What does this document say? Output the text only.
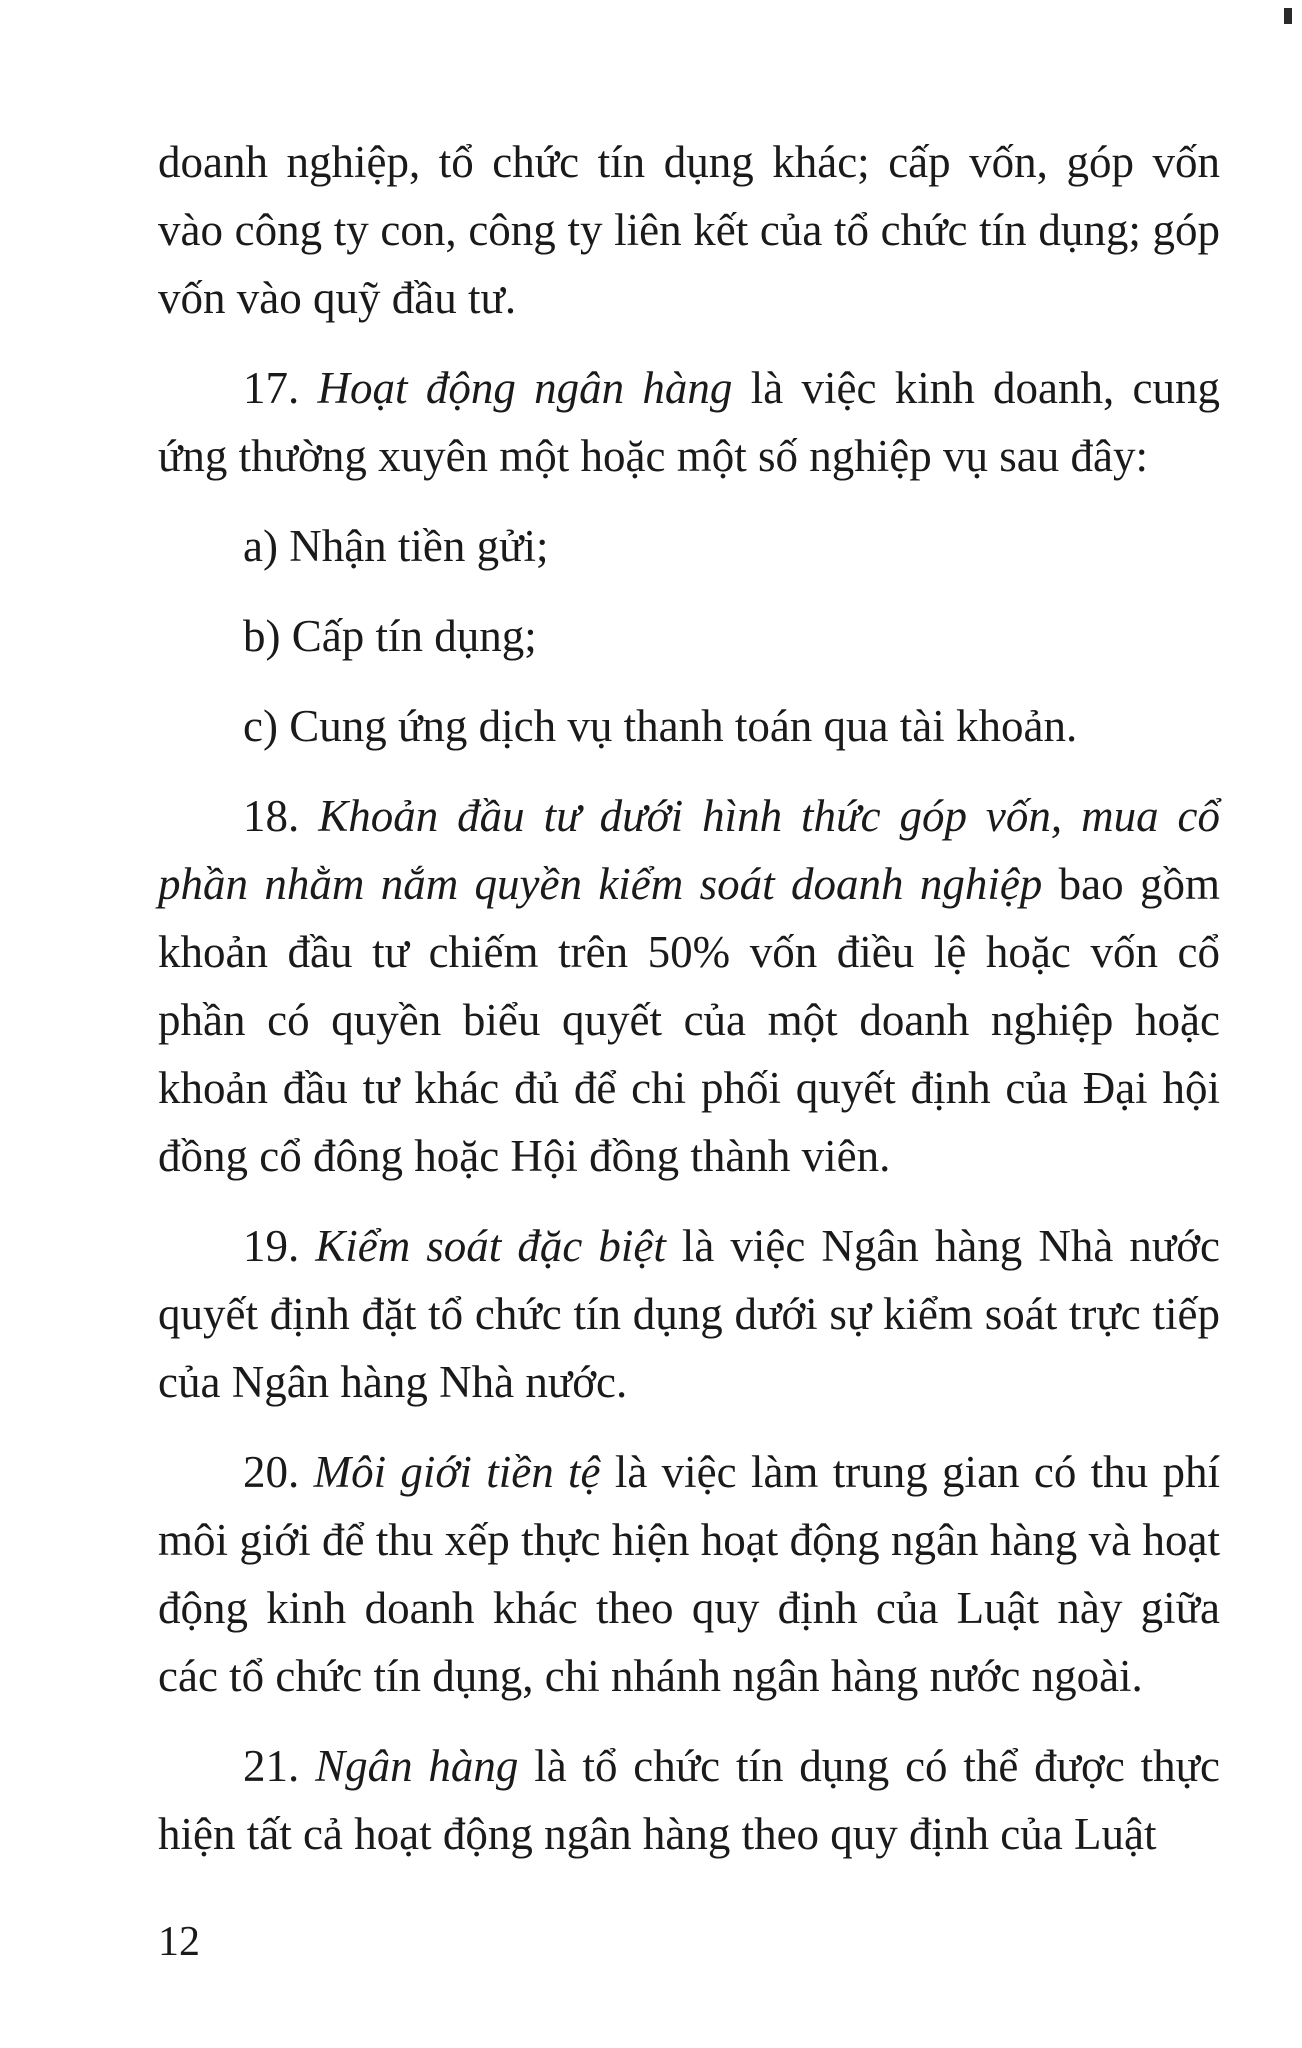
doanh nghiệp, tổ chức tín dụng khác; cấp vốn, góp vốn vào công ty con, công ty liên kết của tổ chức tín dụng; góp vốn vào quỹ đầu tư.

17. Hoạt động ngân hàng là việc kinh doanh, cung ứng thường xuyên một hoặc một số nghiệp vụ sau đây:

a) Nhận tiền gửi;

b) Cấp tín dụng;

c) Cung ứng dịch vụ thanh toán qua tài khoản.

18. Khoản đầu tư dưới hình thức góp vốn, mua cổ phần nhằm nắm quyền kiểm soát doanh nghiệp bao gồm khoản đầu tư chiếm trên 50% vốn điều lệ hoặc vốn cổ phần có quyền biểu quyết của một doanh nghiệp hoặc khoản đầu tư khác đủ để chi phối quyết định của Đại hội đồng cổ đông hoặc Hội đồng thành viên.

19. Kiểm soát đặc biệt là việc Ngân hàng Nhà nước quyết định đặt tổ chức tín dụng dưới sự kiểm soát trực tiếp của Ngân hàng Nhà nước.

20. Môi giới tiền tệ là việc làm trung gian có thu phí môi giới để thu xếp thực hiện hoạt động ngân hàng và hoạt động kinh doanh khác theo quy định của Luật này giữa các tổ chức tín dụng, chi nhánh ngân hàng nước ngoài.

21. Ngân hàng là tổ chức tín dụng có thể được thực hiện tất cả hoạt động ngân hàng theo quy định của Luật

12
